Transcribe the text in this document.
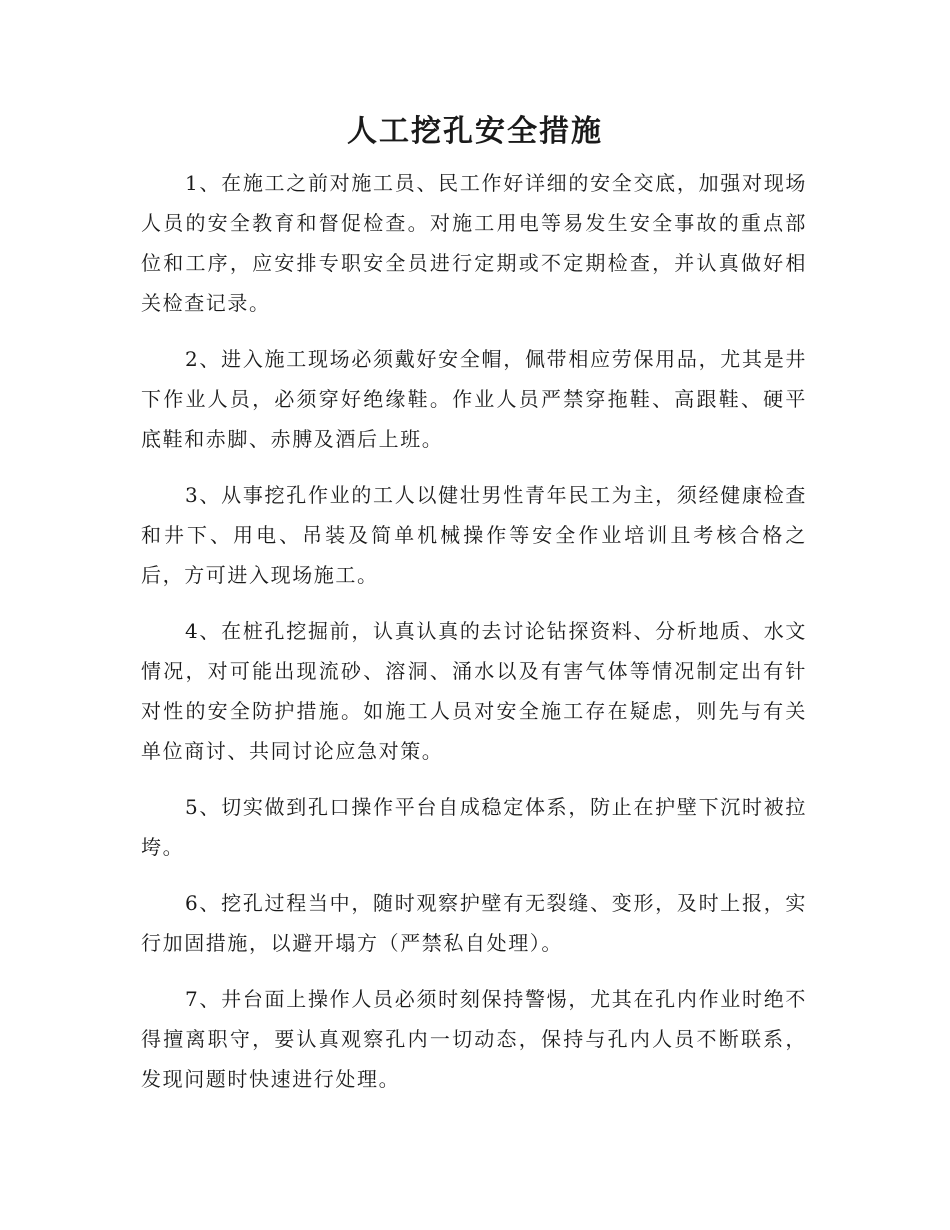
人工挖孔安全措施

1、在施工之前对施工员、民工作好详细的安全交底，加强对现场人员的安全教育和督促检查。对施工用电等易发生安全事故的重点部位和工序，应安排专职安全员进行定期或不定期检查，并认真做好相关检查记录。

2、进入施工现场必须戴好安全帽，佩带相应劳保用品，尤其是井下作业人员，必须穿好绝缘鞋。作业人员严禁穿拖鞋、高跟鞋、硬平底鞋和赤脚、赤膊及酒后上班。

3、从事挖孔作业的工人以健壮男性青年民工为主，须经健康检查和井下、用电、吊装及简单机械操作等安全作业培训且考核合格之后，方可进入现场施工。

4、在桩孔挖掘前，认真认真的去讨论钻探资料、分析地质、水文情况，对可能出现流砂、溶洞、涌水以及有害气体等情况制定出有针对性的安全防护措施。如施工人员对安全施工存在疑虑，则先与有关单位商讨、共同讨论应急对策。

5、切实做到孔口操作平台自成稳定体系，防止在护壁下沉时被拉垮。

6、挖孔过程当中，随时观察护壁有无裂缝、变形，及时上报，实行加固措施，以避开塌方（严禁私自处理）。

7、井台面上操作人员必须时刻保持警惕，尤其在孔内作业时绝不得擅离职守，要认真观察孔内一切动态，保持与孔内人员不断联系，发现问题时快速进行处理。
